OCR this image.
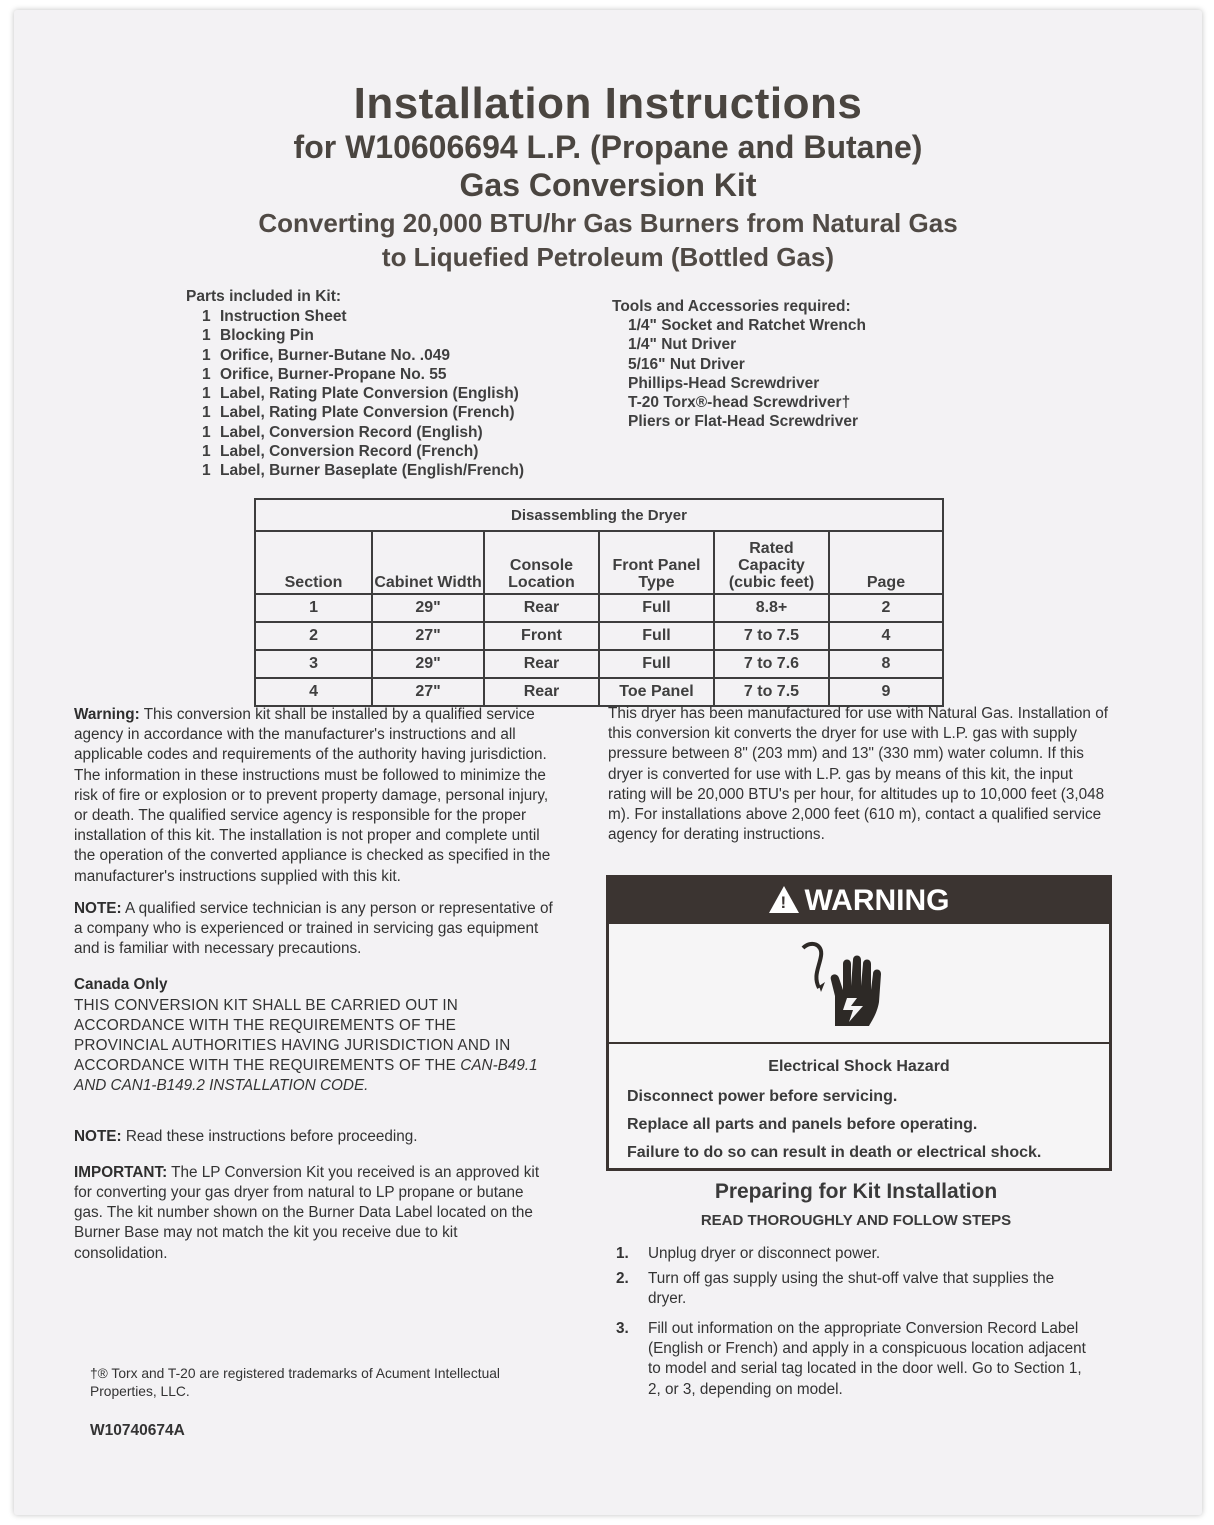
Installation Instructions
for W10606694 L.P. (Propane and Butane)
Gas Conversion Kit
Converting 20,000 BTU/hr Gas Burners from Natural Gas
to Liquefied Petroleum (Bottled Gas)
Parts included in Kit:
1 Instruction Sheet
1 Blocking Pin
1 Orifice, Burner-Butane No. .049
1 Orifice, Burner-Propane No. 55
1 Label, Rating Plate Conversion (English)
1 Label, Rating Plate Conversion (French)
1 Label, Conversion Record (English)
1 Label, Conversion Record (French)
1 Label, Burner Baseplate (English/French)
Tools and Accessories required:
1/4" Socket and Ratchet Wrench
1/4" Nut Driver
5/16" Nut Driver
Phillips-Head Screwdriver
T-20 Torx®-head Screwdriver†
Pliers or Flat-Head Screwdriver
Disassembling the Dryer					
Section	Cabinet Width	Console Location	Front Panel Type	Rated Capacity (cubic feet)	Page
1	29"	Rear	Full	8.8+	2
2	27"	Front	Full	7 to 7.5	4
3	29"	Rear	Full	7 to 7.6	8
4	27"	Rear	Toe Panel	7 to 7.5	9

Warning: This conversion kit shall be installed by a qualified service agency in accordance with the manufacturer's instructions and all applicable codes and requirements of the authority having jurisdiction. The information in these instructions must be followed to minimize the risk of fire or explosion or to prevent property damage, personal injury, or death. The qualified service agency is responsible for the proper installation of this kit. The installation is not proper and complete until the operation of the converted appliance is checked as specified in the manufacturer's instructions supplied with this kit.

NOTE: A qualified service technician is any person or representative of a company who is experienced or trained in servicing gas equipment and is familiar with necessary precautions.

Canada Only
THIS CONVERSION KIT SHALL BE CARRIED OUT IN ACCORDANCE WITH THE REQUIREMENTS OF THE PROVINCIAL AUTHORITIES HAVING JURISDICTION AND IN ACCORDANCE WITH THE REQUIREMENTS OF THE CAN-B49.1 AND CAN1-B149.2 INSTALLATION CODE.

NOTE: Read these instructions before proceeding.

IMPORTANT: The LP Conversion Kit you received is an approved kit for converting your gas dryer from natural to LP propane or butane gas. The kit number shown on the Burner Data Label located on the Burner Base may not match the kit you receive due to kit consolidation.

This dryer has been manufactured for use with Natural Gas. Installation of this conversion kit converts the dryer for use with L.P. gas with supply pressure between 8" (203 mm) and 13" (330 mm) water column. If this dryer is converted for use with L.P. gas by means of this kit, the input rating will be 20,000 BTU's per hour, for altitudes up to 10,000 feet (3,048 m). For installations above 2,000 feet (610 m), contact a qualified service agency for derating instructions.
! WARNING
Electrical Shock Hazard
Disconnect power before servicing.
Replace all parts and panels before operating.
Failure to do so can result in death or electrical shock.
Preparing for Kit Installation
READ THOROUGHLY AND FOLLOW STEPS
1. Unplug dryer or disconnect power.
2. Turn off gas supply using the shut-off valve that supplies the dryer.
3. Fill out information on the appropriate Conversion Record Label (English or French) and apply in a conspicuous location adjacent to model and serial tag located in the door well. Go to Section 1, 2, or 3, depending on model.
†® Torx and T-20 are registered trademarks of Acument Intellectual Properties, LLC.
W10740674A
